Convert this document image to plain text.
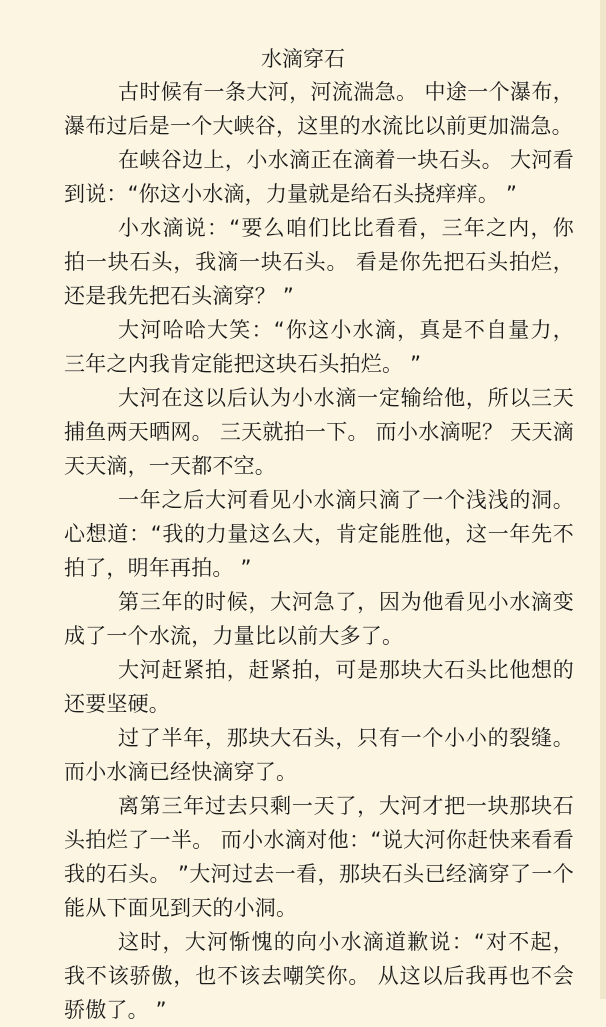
水滴穿石

古时候有一条大河，河流湍急。 中途一个瀑布，瀑布过后是一个大峡谷，这里的水流比以前更加湍急。

在峡谷边上，小水滴正在滴着一块石头。 大河看到说：“你这小水滴，力量就是给石头挠痒痒。 ”

小水滴说：“要么咱们比比看看，三年之内，你拍一块石头，我滴一块石头。 看是你先把石头拍烂，还是我先把石头滴穿？ ”

大河哈哈大笑：“你这小水滴，真是不自量力，三年之内我肯定能把这块石头拍烂。 ”

大河在这以后认为小水滴一定输给他，所以三天捕鱼两天晒网。 三天就拍一下。 而小水滴呢？ 天天滴天天滴，一天都不空。

一年之后大河看见小水滴只滴了一个浅浅的洞。 心想道：“我的力量这么大，肯定能胜他，这一年先不拍了，明年再拍。 ”

第三年的时候，大河急了，因为他看见小水滴变成了一个水流，力量比以前大多了。

大河赶紧拍，赶紧拍，可是那块大石头比他想的还要坚硬。

过了半年，那块大石头，只有一个小小的裂缝。而小水滴已经快滴穿了。

离第三年过去只剩一天了，大河才把一块那块石头拍烂了一半。 而小水滴对他：“说大河你赶快来看看我的石头。 ”大河过去一看，那块石头已经滴穿了一个能从下面见到天的小洞。

这时，大河惭愧的向小水滴道歉说：“对不起，我不该骄傲，也不该去嘲笑你。 从这以后我再也不会骄傲了。 ”
